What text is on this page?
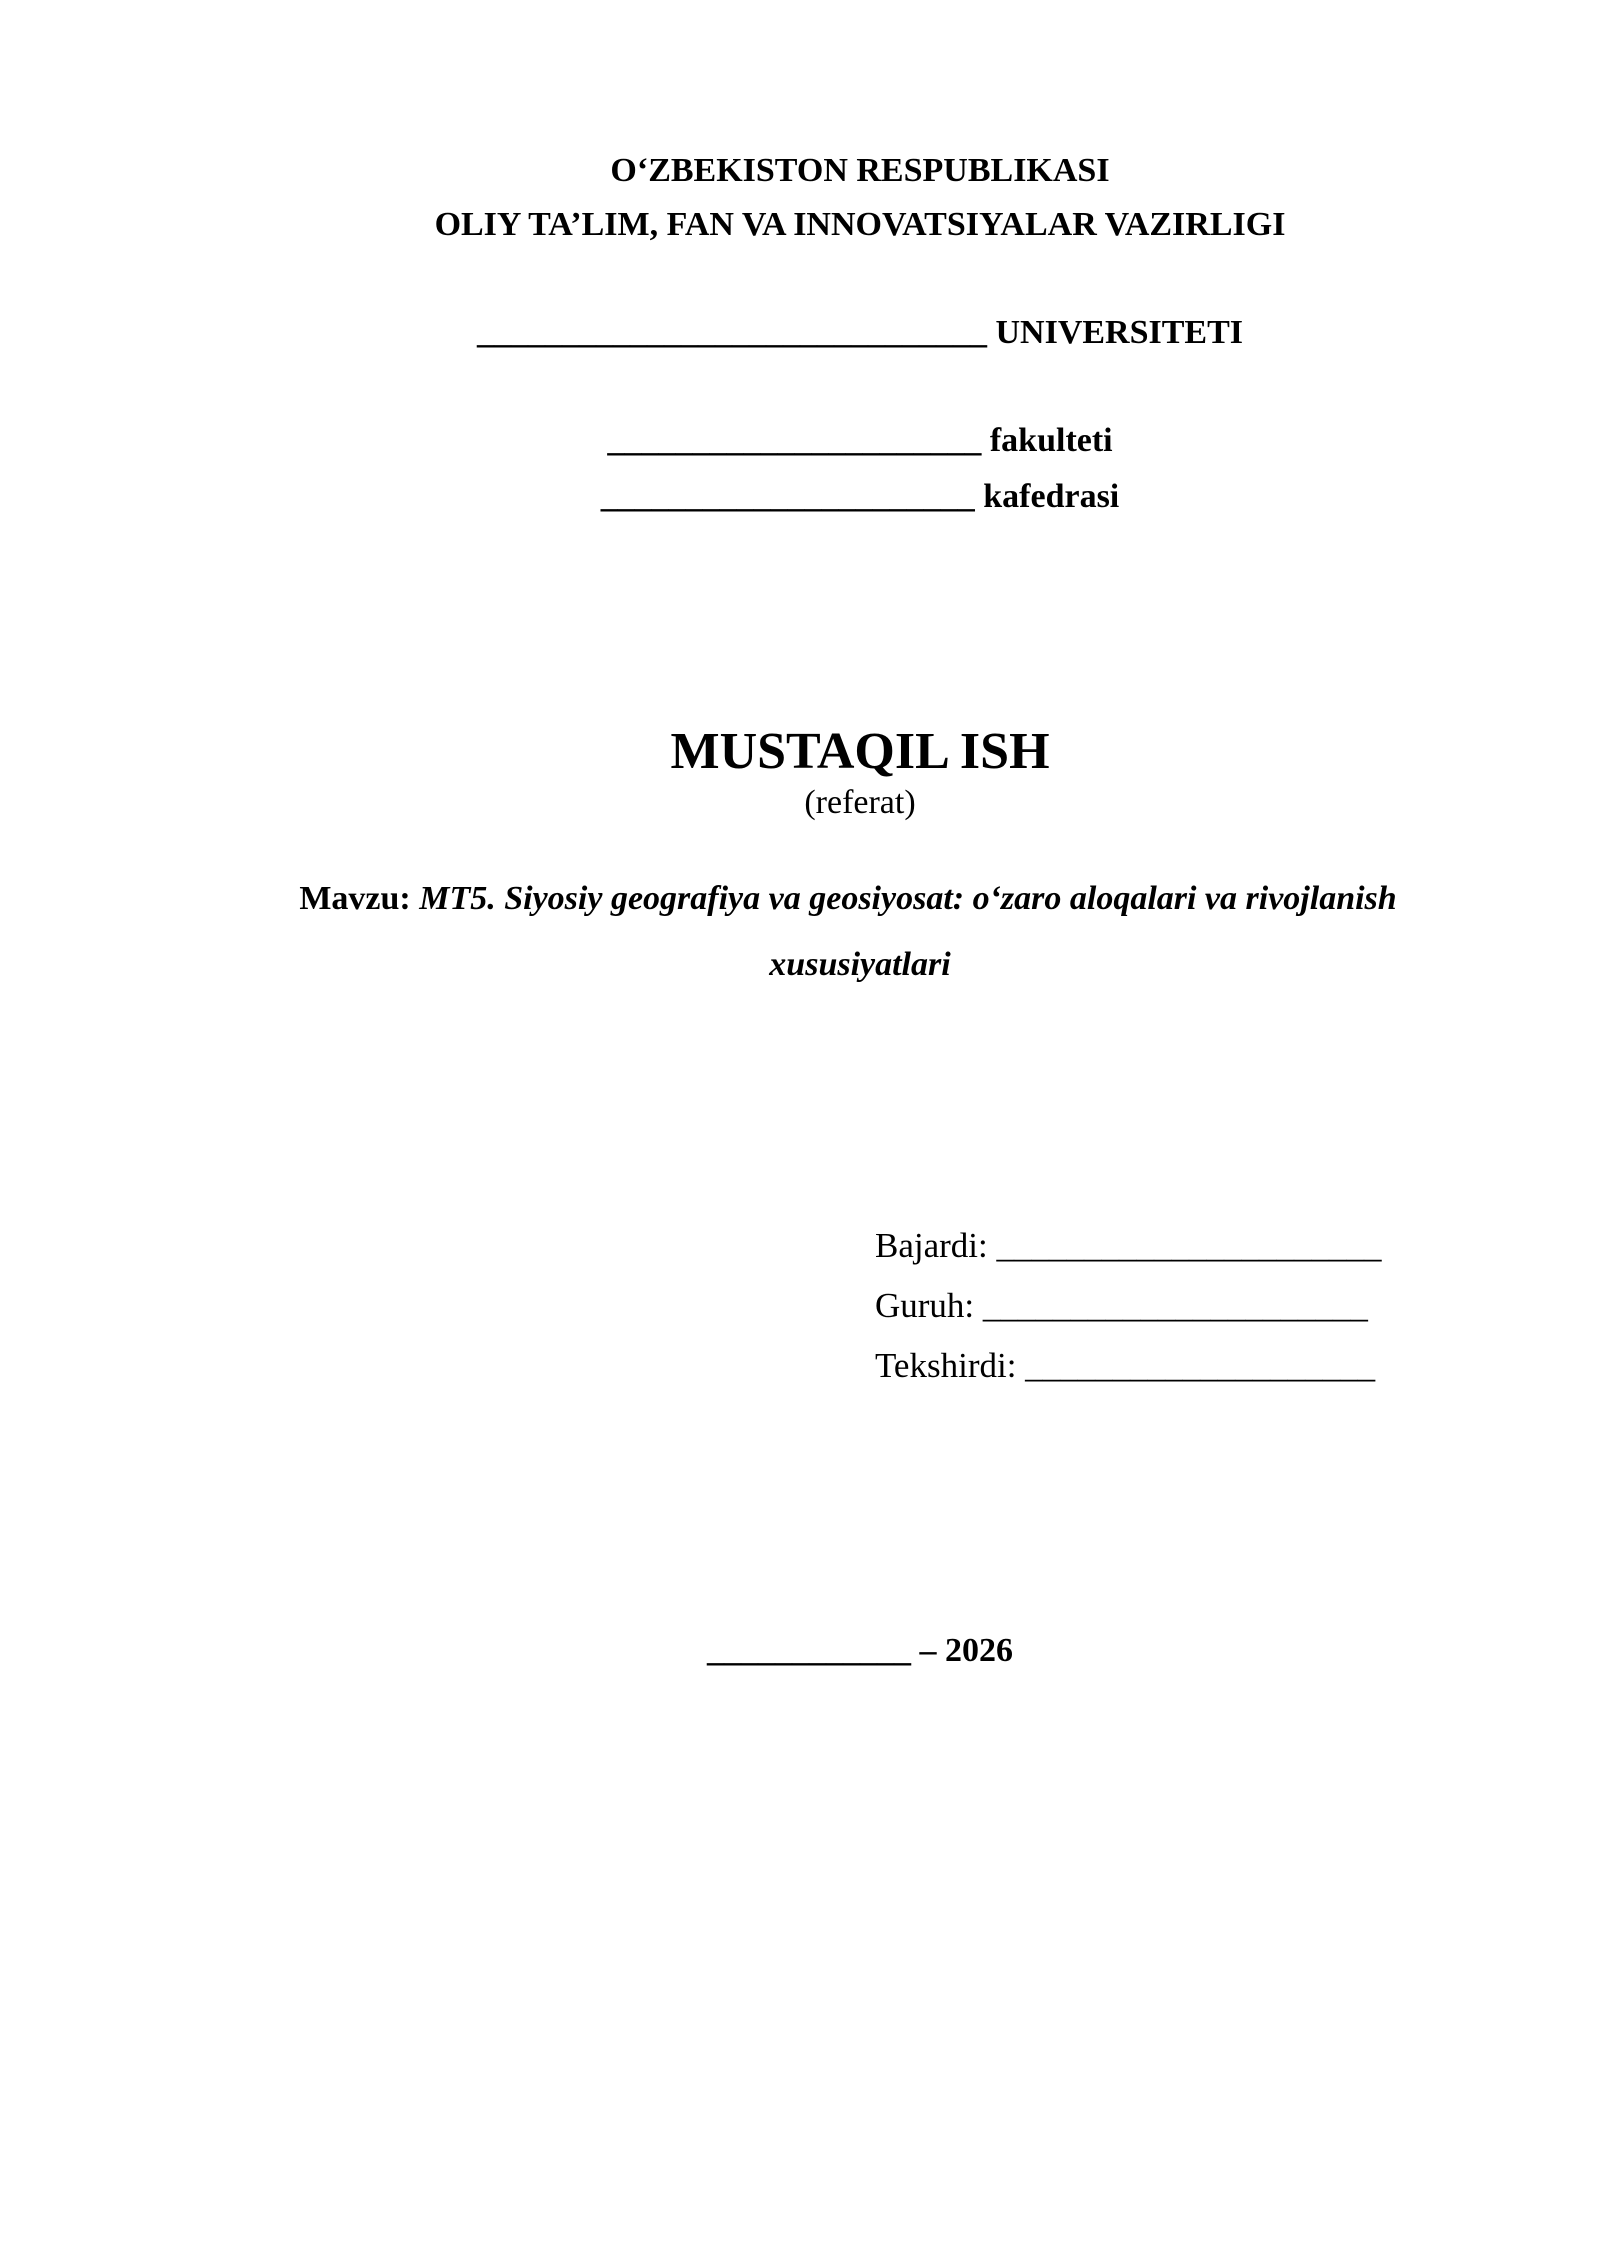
O‘ZBEKISTON RESPUBLIKASI
OLIY TA’LIM, FAN VA INNOVATSIYALAR VAZIRLIGI
______________________________ UNIVERSITETI
______________________ fakulteti
______________________ kafedrasi
MUSTAQIL ISH
(referat)
Mavzu: MT5. Siyosiy geografiya va geosiyosat: o‘zaro aloqalari va rivojlanish
xususiyatlari
Bajardi: ______________________
Guruh: ______________________
Tekshirdi: ____________________
____________ – 2026
